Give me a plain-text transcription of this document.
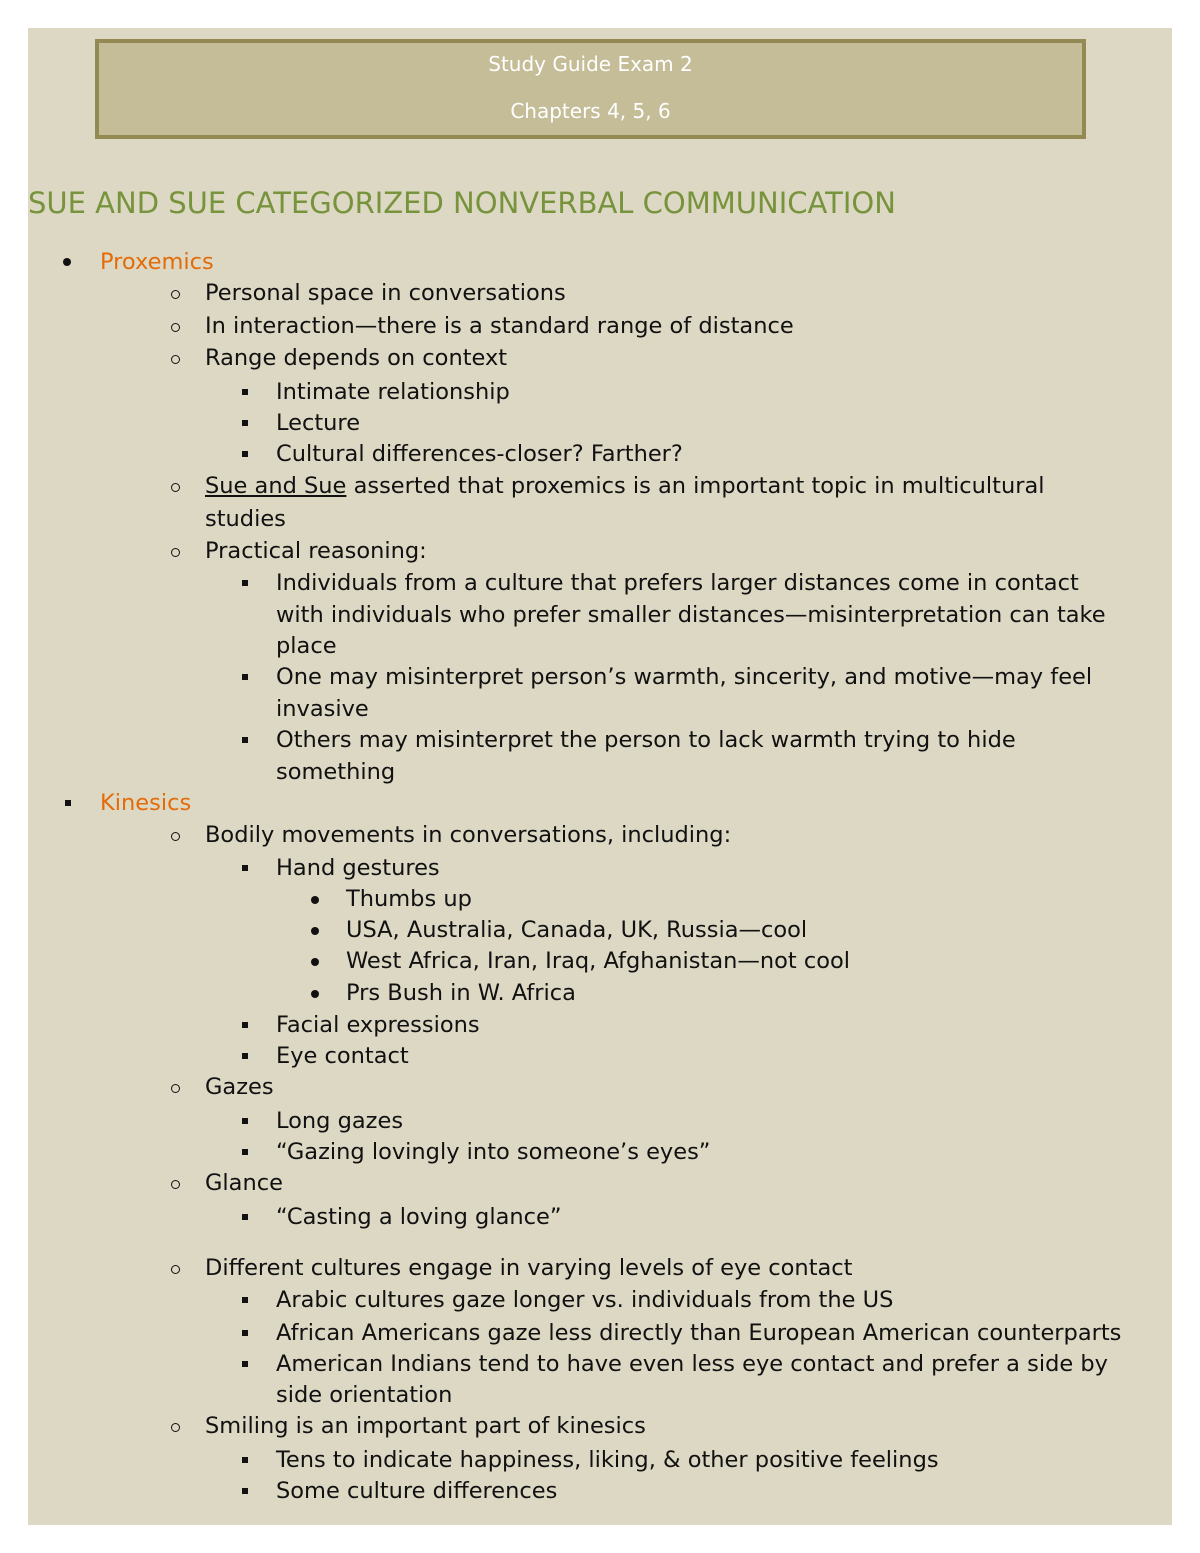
Study Guide Exam 2
Chapters 4, 5, 6
SUE AND SUE CATEGORIZED NONVERBAL COMMUNICATION
Proxemics
Personal space in conversations
In interaction—there is a standard range of distance
Range depends on context
Intimate relationship
Lecture
Cultural differences-closer? Farther?
Sue and Sue asserted that proxemics is an important topic in multicultural
studies
Practical reasoning:
Individuals from a culture that prefers larger distances come in contact
with individuals who prefer smaller distances—misinterpretation can take
place
One may misinterpret person’s warmth, sincerity, and motive—may feel
invasive
Others may misinterpret the person to lack warmth trying to hide
something
Kinesics
Bodily movements in conversations, including:
Hand gestures
Thumbs up
USA, Australia, Canada, UK, Russia—cool
West Africa, Iran, Iraq, Afghanistan—not cool
Prs Bush in W. Africa
Facial expressions
Eye contact
Gazes
Long gazes
“Gazing lovingly into someone’s eyes”
Glance
“Casting a loving glance”
Different cultures engage in varying levels of eye contact
Arabic cultures gaze longer vs. individuals from the US
African Americans gaze less directly than European American counterparts
American Indians tend to have even less eye contact and prefer a side by
side orientation
Smiling is an important part of kinesics
Tens to indicate happiness, liking, & other positive feelings
Some culture differences
